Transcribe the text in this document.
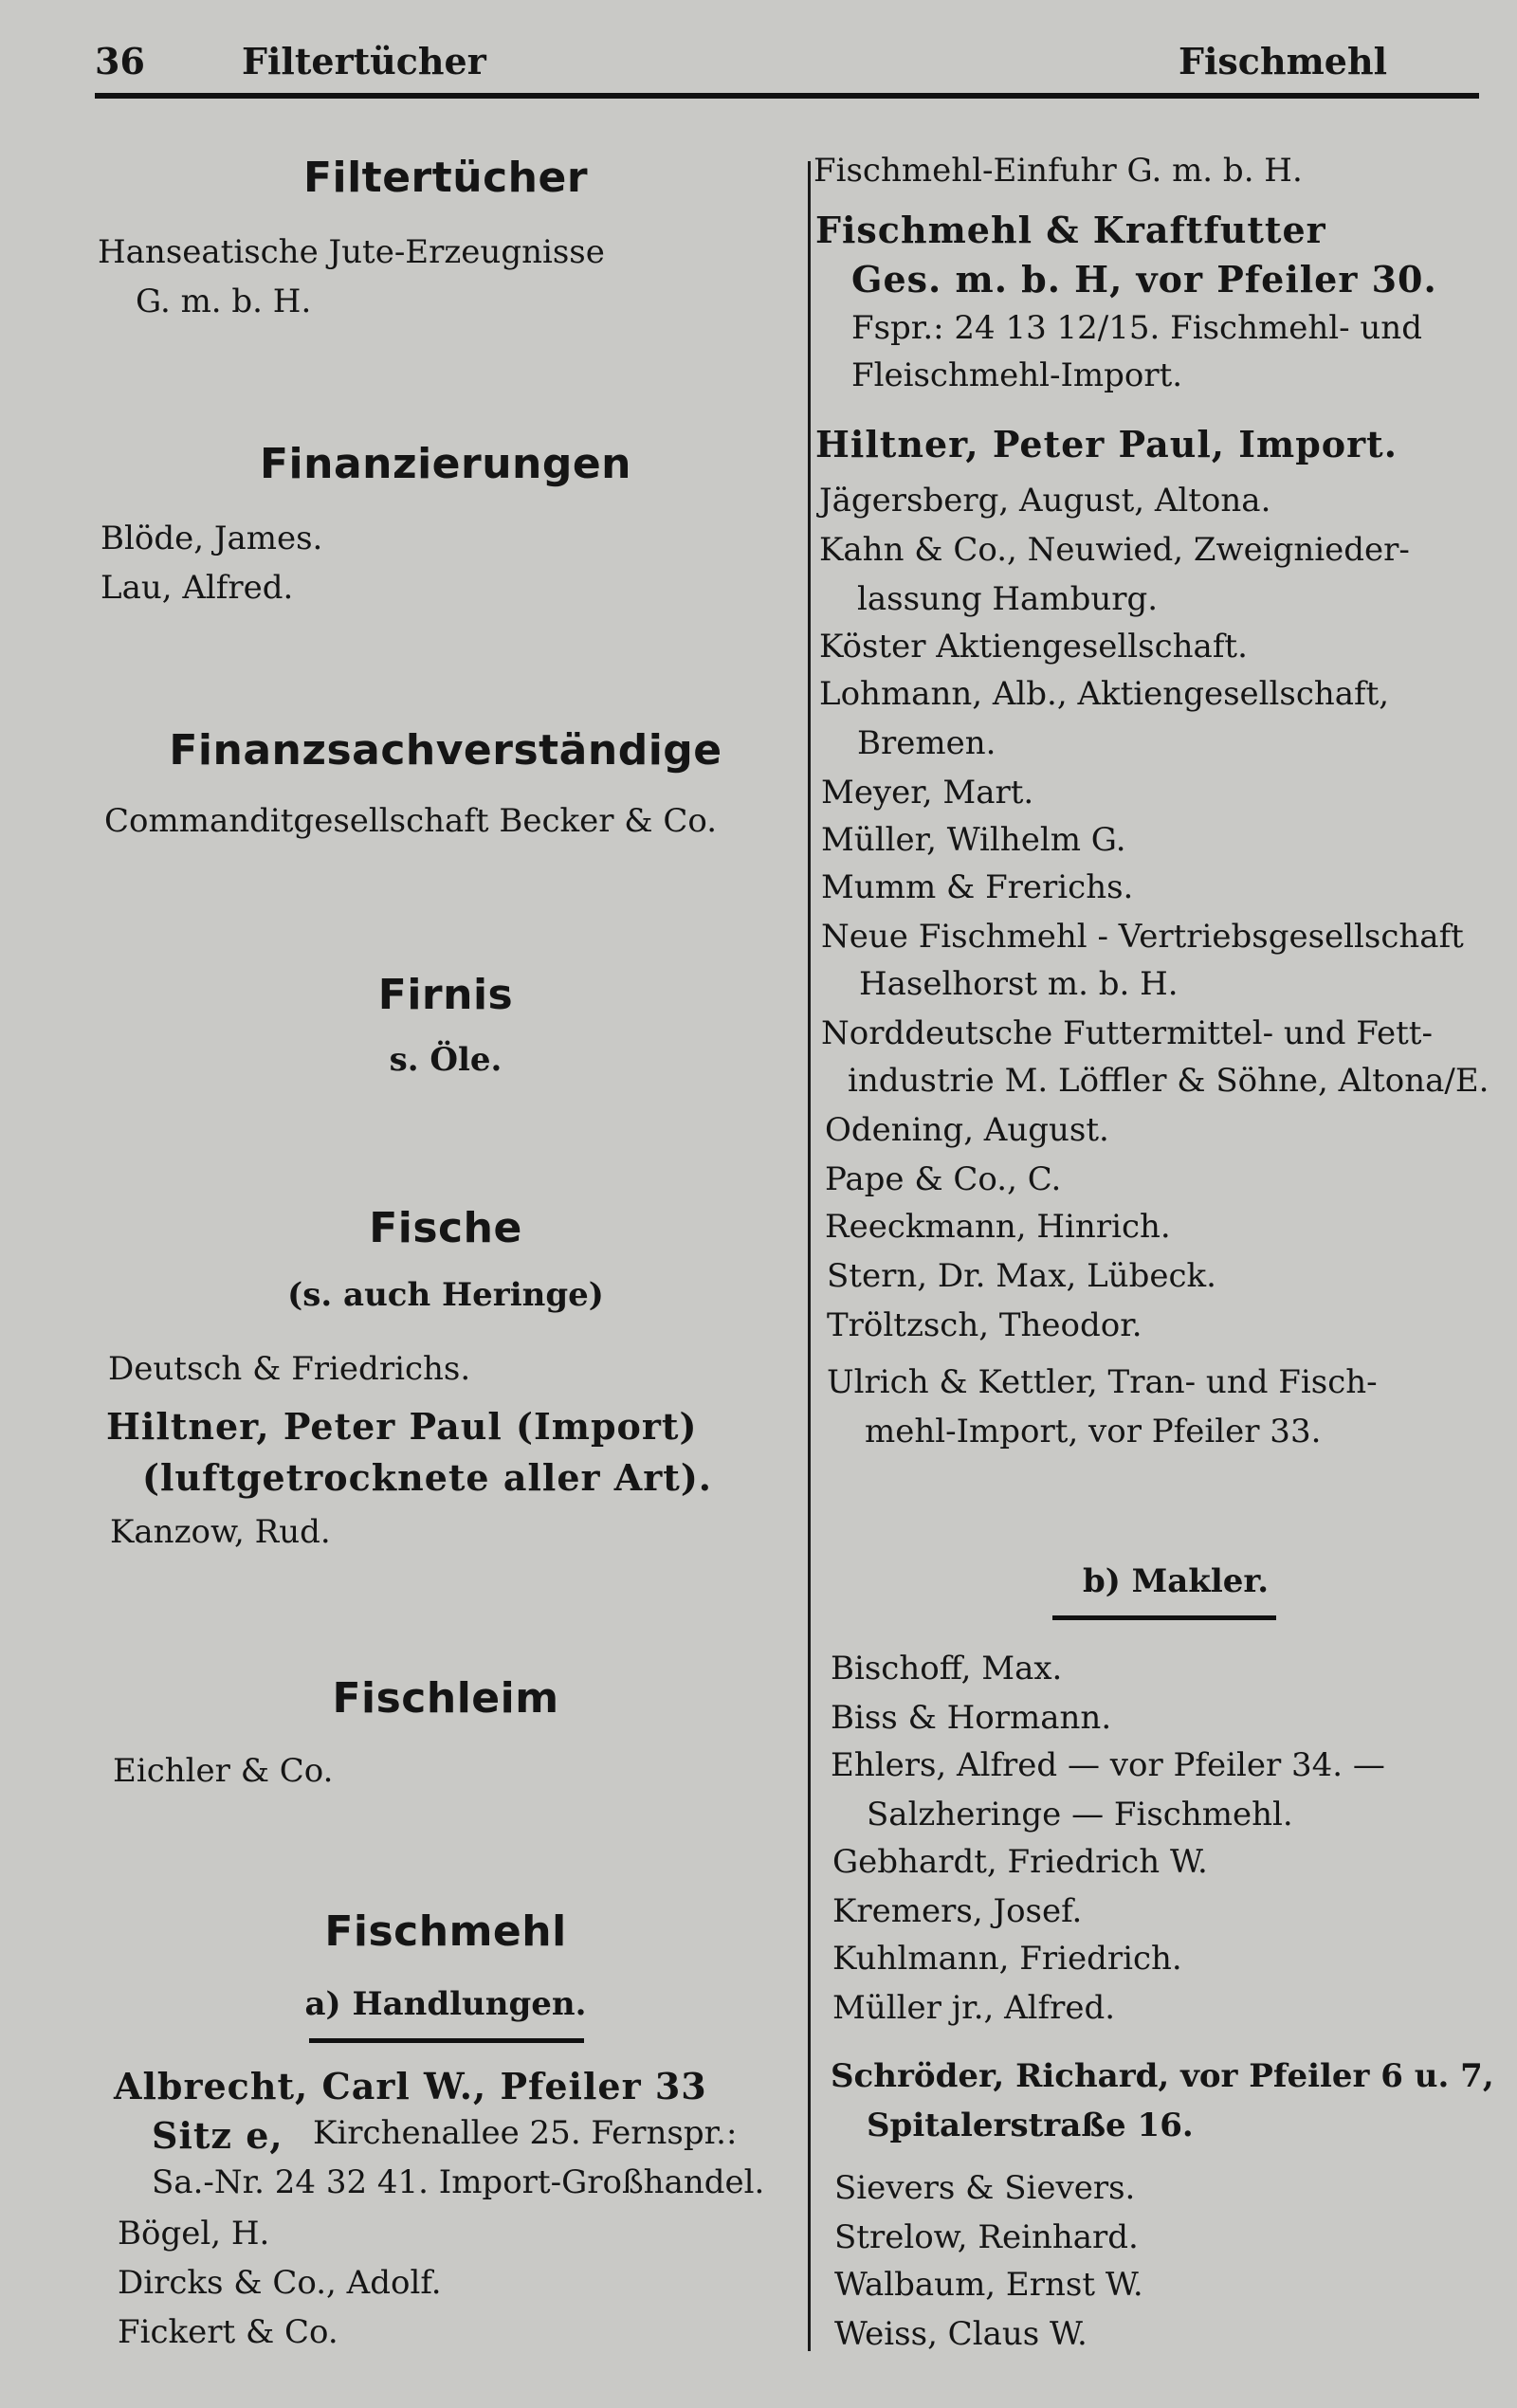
36	Filtertücher	Fischmehl
Filtertücher
Hanseatische Jute-Erzeugnisse
G. m. b. H.
Finanzierungen
Blöde, James.
Lau, Alfred.
Finanzsachverständige
Commanditgesellschaft Becker & Co.
Firnis
s. Öle.
Fische
(s. auch Heringe)
Deutsch & Friedrichs.
Hiltner, Peter Paul (Import)
(luftgetrocknete aller Art).
Kanzow, Rud.
Fischleim
Eichler & Co.
Fischmehl
a) Handlungen.
Albrecht, Carl W., Pfeiler 33
Sitz e, Kirchenallee 25. Fernspr.:
Sa.-Nr. 24 32 41. Import-Großhandel.
Bögel, H.
Dircks & Co., Adolf.
Fickert & Co.
Fischmehl-Einfuhr G. m. b. H.
Fischmehl & Kraftfutter
Ges. m. b. H, vor Pfeiler 30.
Fspr.: 24 13 12/15. Fischmehl- und
Fleischmehl-Import.
Hiltner, Peter Paul, Import.
Jägersberg, August, Altona.
Kahn & Co., Neuwied, Zweignieder-
lassung Hamburg.
Köster Aktiengesellschaft.
Lohmann, Alb., Aktiengesellschaft,
Bremen.
Meyer, Mart.
Müller, Wilhelm G.
Mumm & Frerichs.
Neue Fischmehl - Vertriebsgesellschaft
Haselhorst m. b. H.
Norddeutsche Futtermittel- und Fett-
industrie M. Löffler & Söhne, Altona/E.
Odening, August.
Pape & Co., C.
Reeckmann, Hinrich.
Stern, Dr. Max, Lübeck.
Tröltzsch, Theodor.
Ulrich & Kettler, Tran- und Fisch-
mehl-Import, vor Pfeiler 33.
b) Makler.
Bischoff, Max.
Biss & Hormann.
Ehlers, Alfred — vor Pfeiler 34. —
Salzheringe — Fischmehl.
Gebhardt, Friedrich W.
Kremers, Josef.
Kuhlmann, Friedrich.
Müller jr., Alfred.
Schröder, Richard, vor Pfeiler 6 u. 7,
Spitalerstraße 16.
Sievers & Sievers.
Strelow, Reinhard.
Walbaum, Ernst W.
Weiss, Claus W.
